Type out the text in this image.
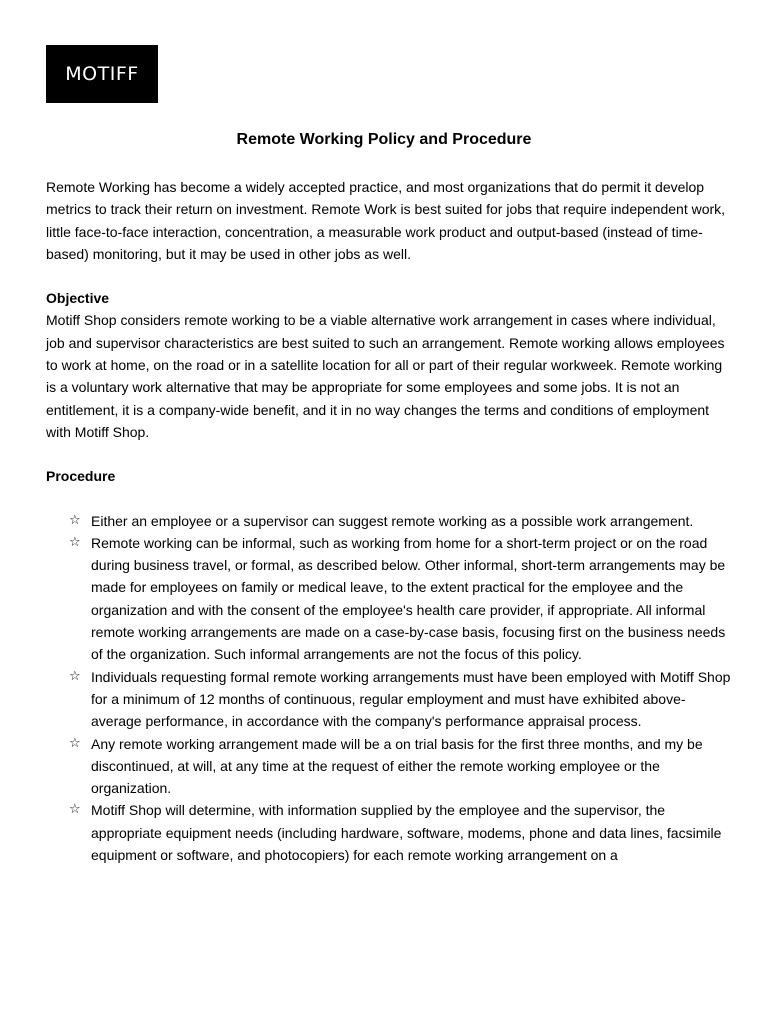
MOTIFF
Remote Working Policy and Procedure

Remote Working has become a widely accepted practice, and most organizations that do permit it develop metrics to track their return on investment. Remote Work is best suited for jobs that require independent work, little face-to-face interaction, concentration, a measurable work product and output-based (instead of time-based) monitoring, but it may be used in other jobs as well.

Objective

Motiff Shop considers remote working to be a viable alternative work arrangement in cases where individual, job and supervisor characteristics are best suited to such an arrangement. Remote working allows employees to work at home, on the road or in a satellite location for all or part of their regular workweek. Remote working is a voluntary work alternative that may be appropriate for some employees and some jobs. It is not an entitlement, it is a company-wide benefit, and it in no way changes the terms and conditions of employment with Motiff Shop.

Procedure

☆ Either an employee or a supervisor can suggest remote working as a possible work arrangement.
☆ Remote working can be informal, such as working from home for a short-term project or on the road during business travel, or formal, as described below. Other informal, short-term arrangements may be made for employees on family or medical leave, to the extent practical for the employee and the organization and with the consent of the employee's health care provider, if appropriate. All informal remote working arrangements are made on a case-by-case basis, focusing first on the business needs of the organization. Such informal arrangements are not the focus of this policy.
☆ Individuals requesting formal remote working arrangements must have been employed with Motiff Shop for a minimum of 12 months of continuous, regular employment and must have exhibited above-average performance, in accordance with the company's performance appraisal process.
☆ Any remote working arrangement made will be a on trial basis for the first three months, and my be discontinued, at will, at any time at the request of either the remote working employee or the organization.
☆ Motiff Shop will determine, with information supplied by the employee and the supervisor, the appropriate equipment needs (including hardware, software, modems, phone and data lines, facsimile equipment or software, and photocopiers) for each remote working arrangement on a
